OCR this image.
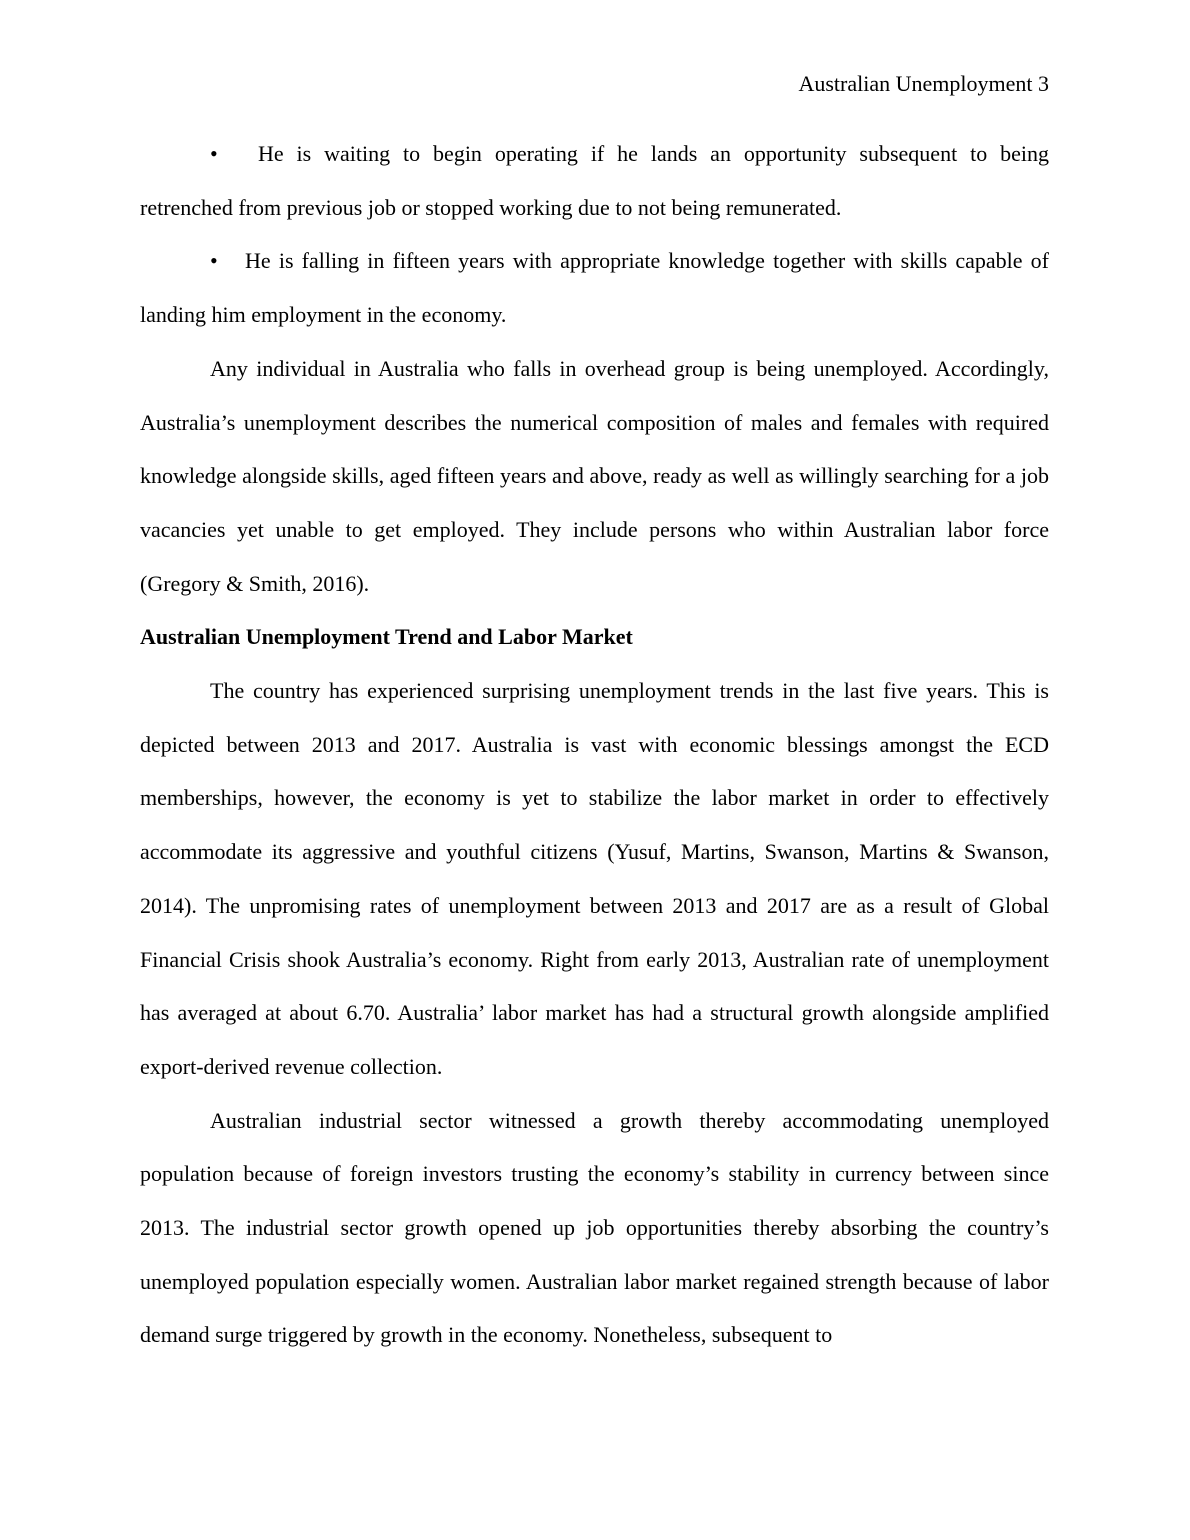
Australian Unemployment 3

• He is waiting to begin operating if he lands an opportunity subsequent to being retrenched from previous job or stopped working due to not being remunerated.

• He is falling in fifteen years with appropriate knowledge together with skills capable of landing him employment in the economy.

Any individual in Australia who falls in overhead group is being unemployed. Accordingly, Australia’s unemployment describes the numerical composition of males and females with required knowledge alongside skills, aged fifteen years and above, ready as well as willingly searching for a job vacancies yet unable to get employed. They include persons who within Australian labor force (Gregory & Smith, 2016).

Australian Unemployment Trend and Labor Market

The country has experienced surprising unemployment trends in the last five years. This is depicted between 2013 and 2017. Australia is vast with economic blessings amongst the ECD memberships, however, the economy is yet to stabilize the labor market in order to effectively accommodate its aggressive and youthful citizens (Yusuf, Martins, Swanson, Martins & Swanson, 2014). The unpromising rates of unemployment between 2013 and 2017 are as a result of Global Financial Crisis shook Australia’s economy. Right from early 2013, Australian rate of unemployment has averaged at about 6.70. Australia’ labor market has had a structural growth alongside amplified export-derived revenue collection.

Australian industrial sector witnessed a growth thereby accommodating unemployed population because of foreign investors trusting the economy’s stability in currency between since 2013. The industrial sector growth opened up job opportunities thereby absorbing the country’s unemployed population especially women. Australian labor market regained strength because of labor demand surge triggered by growth in the economy. Nonetheless, subsequent to
